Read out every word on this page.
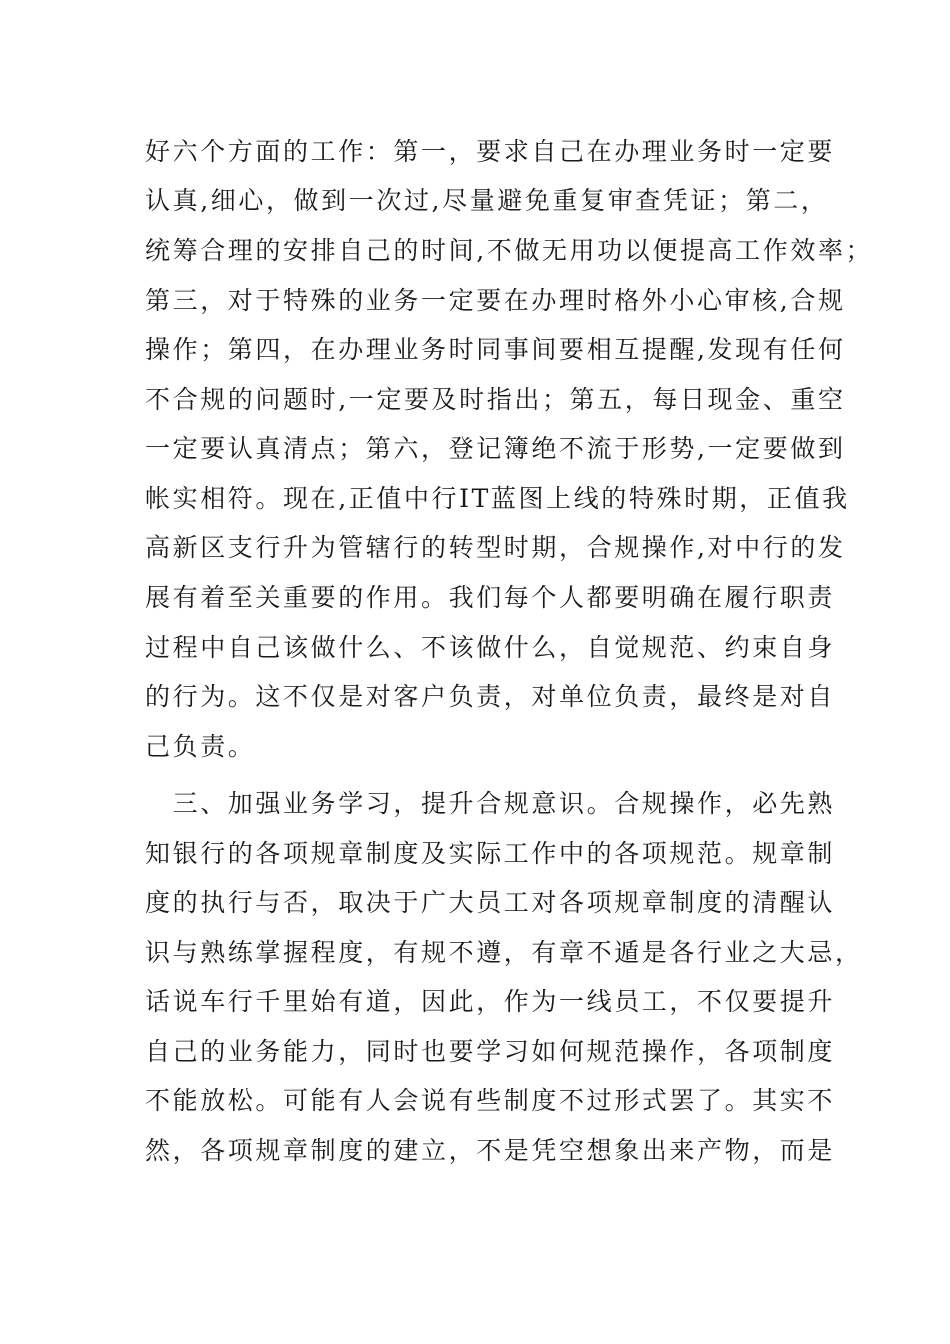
好六个方面的工作：第一，要求自己在办理业务时一定要
认真,细心，做到一次过,尽量避免重复审查凭证；第二，
统筹合理的安排自己的时间,不做无用功以便提高工作效率；
第三，对于特殊的业务一定要在办理时格外小心审核,合规
操作；第四，在办理业务时同事间要相互提醒,发现有任何
不合规的问题时,一定要及时指出；第五，每日现金、重空
一定要认真清点；第六，登记簿绝不流于形势,一定要做到
帐实相符。现在,正值中行IT蓝图上线的特殊时期，正值我
高新区支行升为管辖行的转型时期，合规操作,对中行的发
展有着至关重要的作用。我们每个人都要明确在履行职责
过程中自己该做什么、不该做什么，自觉规范、约束自身
的行为。这不仅是对客户负责，对单位负责，最终是对自
己负责。
　三、加强业务学习，提升合规意识。合规操作，必先熟
知银行的各项规章制度及实际工作中的各项规范。规章制
度的执行与否，取决于广大员工对各项规章制度的清醒认
识与熟练掌握程度，有规不遵，有章不遁是各行业之大忌，
话说车行千里始有道，因此，作为一线员工，不仅要提升
自己的业务能力，同时也要学习如何规范操作，各项制度
不能放松。可能有人会说有些制度不过形式罢了。其实不
然，各项规章制度的建立，不是凭空想象出来产物，而是
